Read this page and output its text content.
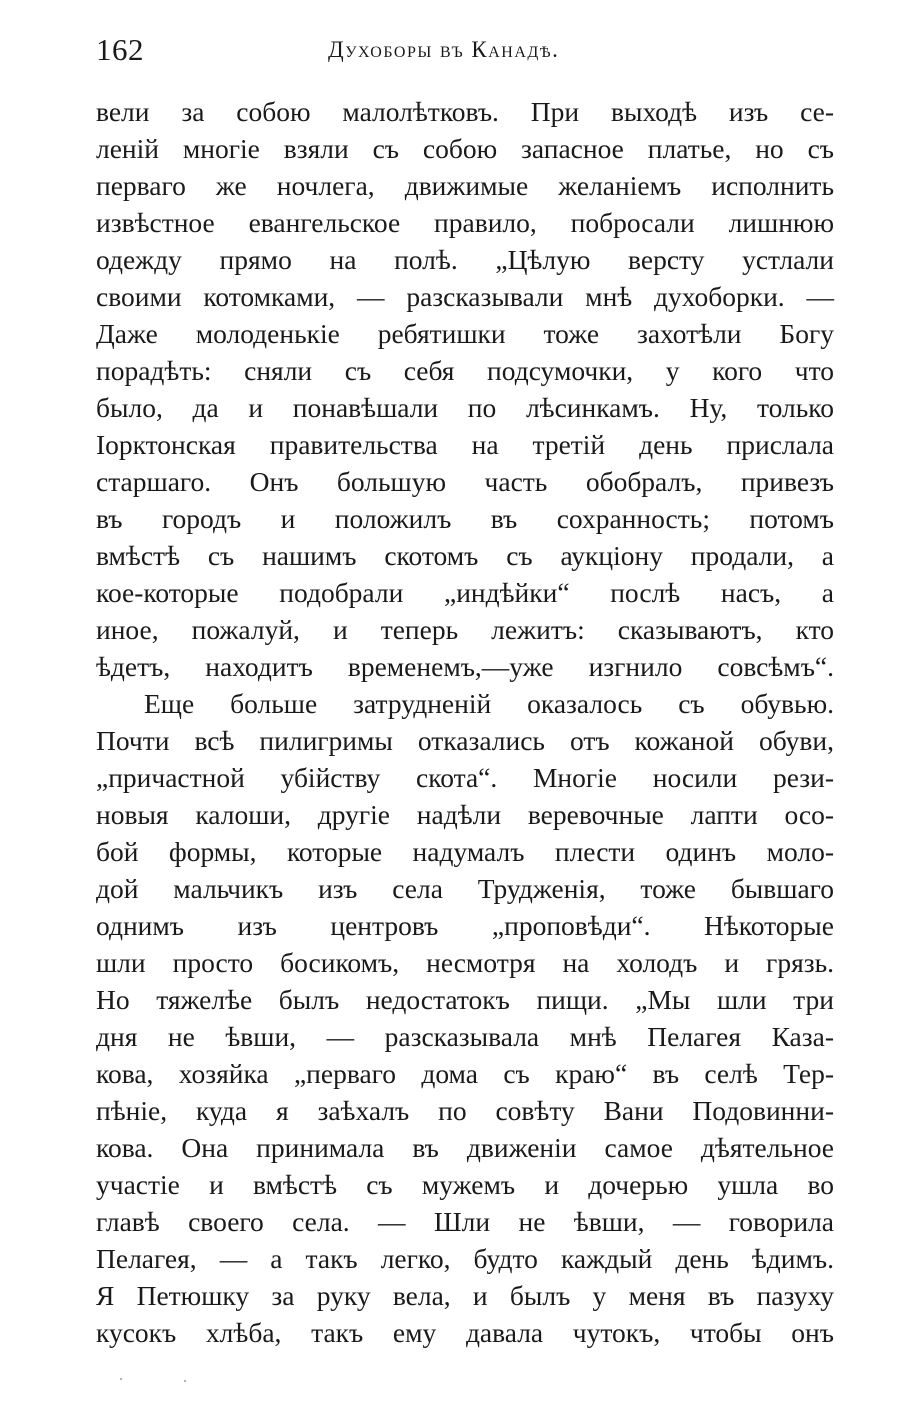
162	Духоборы въ Канадѣ.
вели за собою малолѣтковъ. При выходѣ изъ се-
леній многіе взяли съ собою запасное платье, но съ
перваго же ночлега, движимые желаніемъ исполнить
извѣстное евангельское правило, побросали лишнюю
одежду прямо на полѣ. „Цѣлую версту устлали
своими котомками, — разсказывали мнѣ духоборки. —
Даже молоденькіе ребятишки тоже захотѣли Богу
порадѣть: сняли съ себя подсумочки, у кого что
было, да и понавѣшали по лѣсинкамъ. Ну, только
Іорктонская правительства на третій день прислала
старшаго. Онъ большую часть обобралъ, привезъ
въ городъ и положилъ въ сохранность; потомъ
вмѣстѣ съ нашимъ скотомъ съ аукціону продали, а
кое-которые подобрали „индѣйки“ послѣ насъ, а
иное, пожалуй, и теперь лежитъ: сказываютъ, кто
ѣдетъ, находитъ временемъ,—уже изгнило совсѣмъ“.
Еще больше затрудненій оказалось съ обувью.
Почти всѣ пилигримы отказались отъ кожаной обуви,
„причастной убійству скота“. Многіе носили рези-
новыя калоши, другіе надѣли веревочные лапти осо-
бой формы, которые надумалъ плести одинъ моло-
дой мальчикъ изъ села Трудженія, тоже бывшаго
однимъ изъ центровъ „проповѣди“. Нѣкоторые
шли просто босикомъ, несмотря на холодъ и грязь.
Но тяжелѣе былъ недостатокъ пищи. „Мы шли три
дня не ѣвши, — разсказывала мнѣ Пелагея Каза-
кова, хозяйка „перваго дома съ краю“ въ селѣ Тер-
пѣніе, куда я заѣхалъ по совѣту Вани Подовинни-
кова. Она принимала въ движеніи самое дѣятельное
участіе и вмѣстѣ съ мужемъ и дочерью ушла во
главѣ своего села. — Шли не ѣвши, — говорила
Пелагея, — а такъ легко, будто каждый день ѣдимъ.
Я Петюшку за руку вела, и былъ у меня въ пазуху
кусокъ хлѣба, такъ ему давала чутокъ, чтобы онъ
